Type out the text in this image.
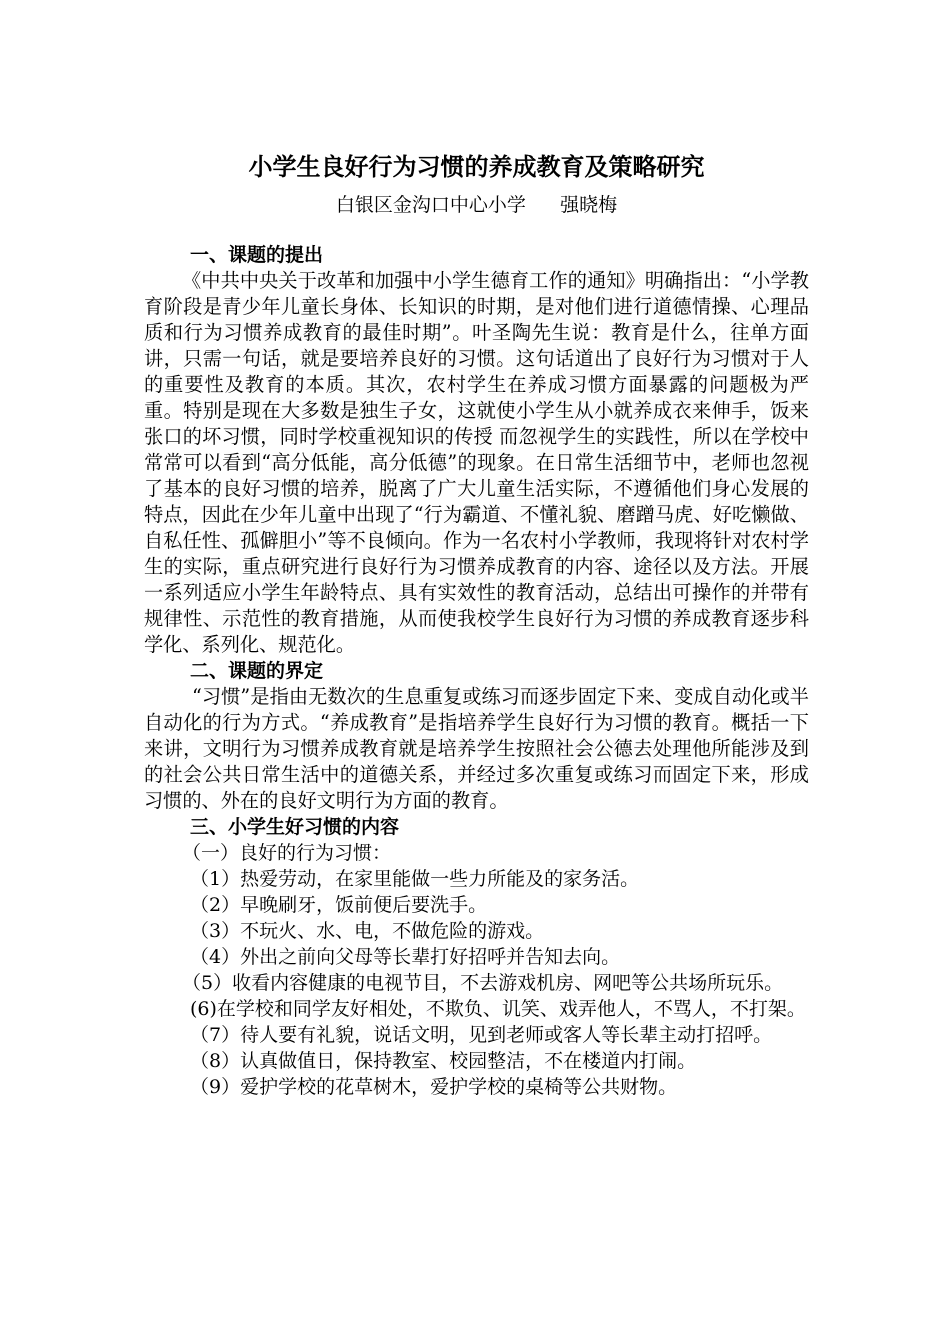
小学生良好行为习惯的养成教育及策略研究
白银区金沟口中心小学   强晓梅
一、课题的提出

《中共中央关于改革和加强中小学生德育工作的通知》明确指出：“小学教育阶段是青少年儿童长身体、长知识的时期，是对他们进行道德情操、心理品质和行为习惯养成教育的最佳时期”。叶圣陶先生说：教育是什么，往单方面讲，只需一句话，就是要培养良好的习惯。这句话道出了良好行为习惯对于人的重要性及教育的本质。其次，农村学生在养成习惯方面暴露的问题极为严重。特别是现在大多数是独生子女，这就使小学生从小就养成衣来伸手，饭来张口的坏习惯，同时学校重视知识的传授 而忽视学生的实践性，所以在学校中常常可以看到“高分低能，高分低德”的现象。在日常生活细节中，老师也忽视了基本的良好习惯的培养，脱离了广大儿童生活实际，不遵循他们身心发展的特点，因此在少年儿童中出现了“行为霸道、不懂礼貌、磨蹭马虎、好吃懒做、自私任性、孤僻胆小”等不良倾向。作为一名农村小学教师，我现将针对农村学生的实际，重点研究进行良好行为习惯养成教育的内容、途径以及方法。开展一系列适应小学生年龄特点、具有实效性的教育活动，总结出可操作的并带有规律性、示范性的教育措施，从而使我校学生良好行为习惯的养成教育逐步科学化、系列化、规范化。

二、课题的界定

“习惯”是指由无数次的生息重复或练习而逐步固定下来、变成自动化或半自动化的行为方式。“养成教育”是指培养学生良好行为习惯的教育。概括一下来讲，文明行为习惯养成教育就是培养学生按照社会公德去处理他所能涉及到的社会公共日常生活中的道德关系，并经过多次重复或练习而固定下来，形成习惯的、外在的良好文明行为方面的教育。

三、小学生好习惯的内容

（一）良好的行为习惯：

（1）热爱劳动，在家里能做一些力所能及的家务活。

（2）早晚刷牙，饭前便后要洗手。

（3）不玩火、水、电，不做危险的游戏。

（4）外出之前向父母等长辈打好招呼并告知去向。

（5）收看内容健康的电视节目，不去游戏机房、网吧等公共场所玩乐。

(6)在学校和同学友好相处，不欺负、讥笑、戏弄他人，不骂人，不打架。

（7）待人要有礼貌，说话文明，见到老师或客人等长辈主动打招呼。

（8）认真做值日，保持教室、校园整洁，不在楼道内打闹。

（9）爱护学校的花草树木，爱护学校的桌椅等公共财物。
